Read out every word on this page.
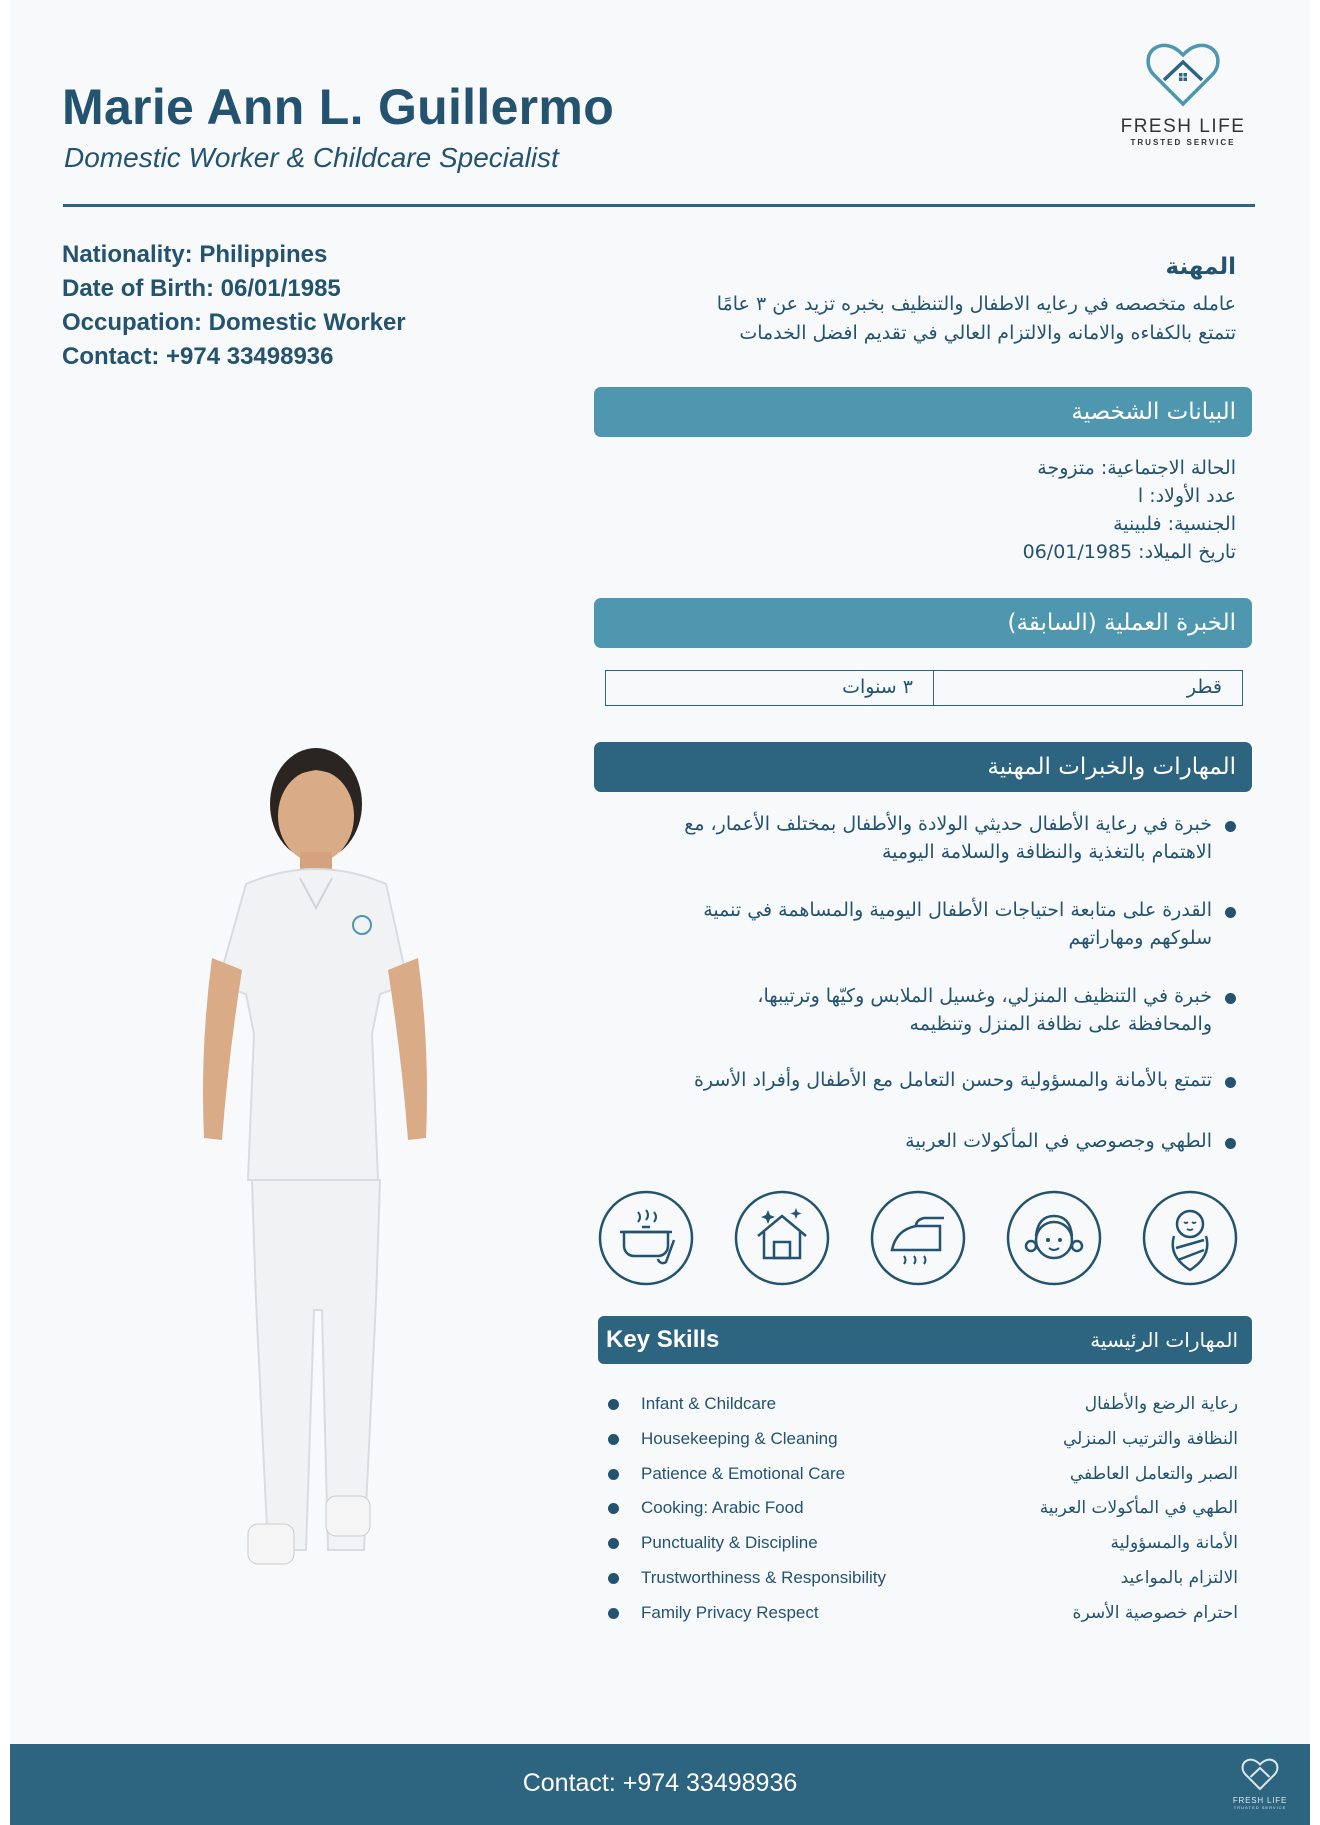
Marie Ann L. Guillermo
Domestic Worker & Childcare Specialist
FRESH LIFE
TRUSTED SERVICE
Nationality: Philippines
Date of Birth: 06/01/1985
Occupation: Domestic Worker
Contact: +974 33498936
المهنة
عامله متخصصه في رعايه الاطفال والتنظيف بخبره تزيد عن ٣ عامًا
تتمتع بالكفاءه والامانه والالتزام العالي في تقديم افضل الخدمات
البيانات الشخصية
الحالة الاجتماعية: متزوجة
عدد الأولاد: ا
الجنسية: فلبينية
تاريخ الميلاد: 06/01/1985
الخبرة العملية (السابقة)
قطر
٣ سنوات
المهارات والخبرات المهنية
خبرة في رعاية الأطفال حديثي الولادة والأطفال بمختلف الأعمار، مع
الاهتمام بالتغذية والنظافة والسلامة اليومية
القدرة على متابعة احتياجات الأطفال اليومية والمساهمة في تنمية
سلوكهم ومهاراتهم
خبرة في التنظيف المنزلي، وغسيل الملابس وكيّها وترتيبها،
والمحافظة على نظافة المنزل وتنظيمه
تتمتع بالأمانة والمسؤولية وحسن التعامل مع الأطفال وأفراد الأسرة
الطهي وجصوصي في المأكولات العربية
Key Skills	المهارات الرئيسية
Infant & Childcare	رعاية الرضع والأطفال
Housekeeping & Cleaning	النظافة والترتيب المنزلي
Patience & Emotional Care	الصبر والتعامل العاطفي
Cooking: Arabic Food	الطهي في المأكولات العربية
Punctuality & Discipline	الأمانة والمسؤولية
Trustworthiness & Responsibility	الالتزام بالمواعيد
Family Privacy Respect	احترام خصوصية الأسرة
Contact: +974 33498936
FRESH LIFE
TRUSTED SERVICE
